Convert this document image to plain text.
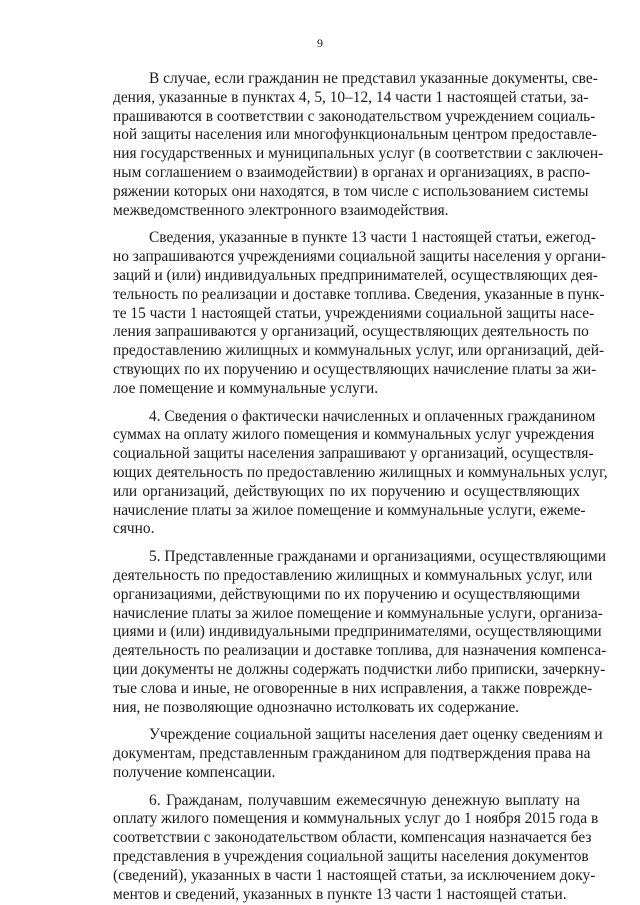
9
В случае, если гражданин не представил указанные документы, све-
дения, указанные в пунктах 4, 5, 10–12, 14 части 1 настоящей статьи, за-
прашиваются в соответствии с законодательством учреждением социаль-
ной защиты населения или многофункциональным центром предоставле-
ния государственных и муниципальных услуг (в соответствии с заключен-
ным соглашением о взаимодействии) в органах и организациях, в распо-
ряжении которых они находятся, в том числе с использованием системы
межведомственного электронного взаимодействия.
Сведения, указанные в пункте 13 части 1 настоящей статьи, ежегод-
но запрашиваются учреждениями социальной защиты населения у органи-
заций и (или) индивидуальных предпринимателей, осуществляющих дея-
тельность по реализации и доставке топлива. Сведения, указанные в пунк-
те 15 части 1 настоящей статьи, учреждениями социальной защиты насе-
ления запрашиваются у организаций, осуществляющих деятельность по
предоставлению жилищных и коммунальных услуг, или организаций, дей-
ствующих по их поручению и осуществляющих начисление платы за жи-
лое помещение и коммунальные услуги.
4. Сведения о фактически начисленных и оплаченных гражданином
суммах на оплату жилого помещения и коммунальных услуг учреждения
социальной защиты населения запрашивают у организаций, осуществля-
ющих деятельность по предоставлению жилищных и коммунальных услуг,
или организаций, действующих по их поручению и осуществляющих
начисление платы за жилое помещение и коммунальные услуги, ежеме-
сячно.
5. Представленные гражданами и организациями, осуществляющими
деятельность по предоставлению жилищных и коммунальных услуг, или
организациями, действующими по их поручению и осуществляющими
начисление платы за жилое помещение и коммунальные услуги, организа-
циями и (или) индивидуальными предпринимателями, осуществляющими
деятельность по реализации и доставке топлива, для назначения компенса-
ции документы не должны содержать подчистки либо приписки, зачеркну-
тые слова и иные, не оговоренные в них исправления, а также поврежде-
ния, не позволяющие однозначно истолковать их содержание.
Учреждение социальной защиты населения дает оценку сведениям и
документам, представленным гражданином для подтверждения права на
получение компенсации.
6. Гражданам, получавшим ежемесячную денежную выплату на
оплату жилого помещения и коммунальных услуг до 1 ноября 2015 года в
соответствии с законодательством области, компенсация назначается без
представления в учреждения социальной защиты населения документов
(сведений), указанных в части 1 настоящей статьи, за исключением доку-
ментов и сведений, указанных в пункте 13 части 1 настоящей статьи.
